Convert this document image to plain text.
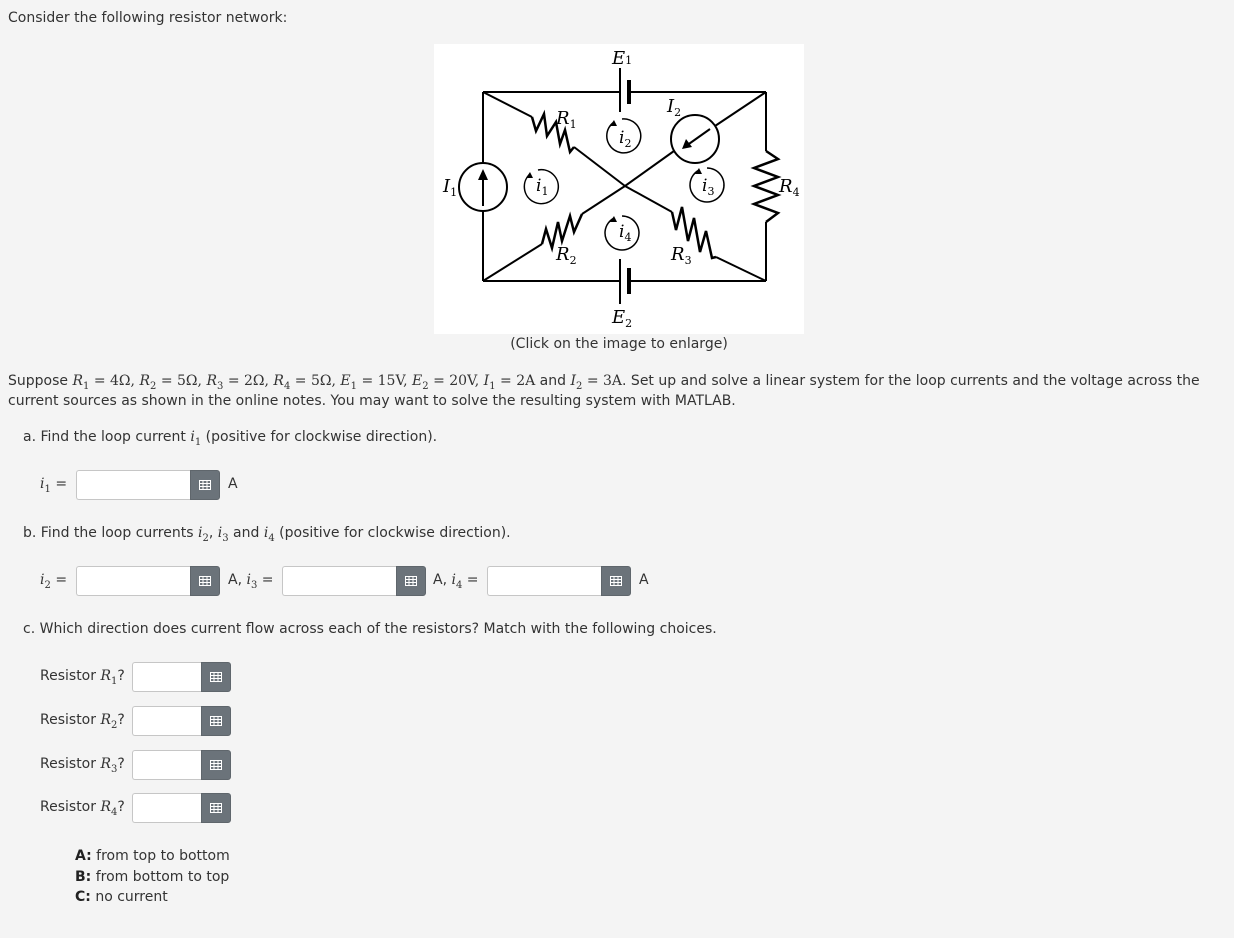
Consider the following resistor network:
E1
$E_2$
$R_1$
$R_2$	$R_3$
$R_4$
$I_1$
$I_2$
$i_1$
$i_2$
$i_3$
$i_4$
(Click on the image to enlarge)
Suppose $R_1 = 4\Omega$, $R_2 = 5\Omega$, $R_3 = 2\Omega$, $R_4 = 5\Omega$, $E_1 = 15V$, $E_2 = 20V$, $I_1 = 2A$ and $I_2 = 3A$. Set up and solve a linear system for the loop currents and the voltage across the
current sources as shown in the online notes. You may want to solve the resulting system with MATLAB.
a. Find the loop current $i_1$ (positive for clockwise direction).
$i_1$ =	A
b. Find the loop currents $i_2$, $i_3$ and $i_4$ (positive for clockwise direction).
$i_2$ =	A, $i_3$ =	A, $i_4$ =	A
c. Which direction does current flow across each of the resistors? Match with the following choices.
Resistor $R_1$?
Resistor $R_2$?
Resistor $R_3$?
Resistor $R_4$?
A: from top to bottom
B: from bottom to top
C: no current
